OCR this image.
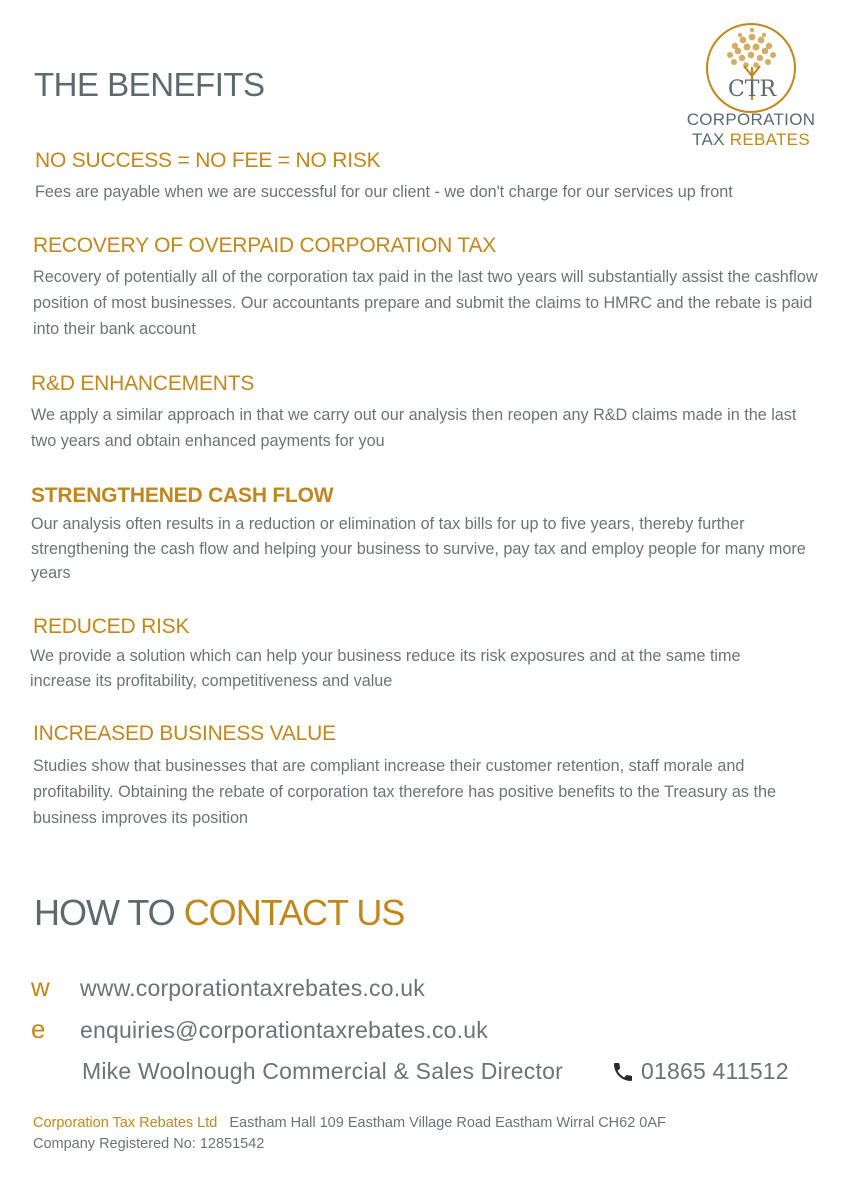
THE BENEFITS	CTR
CORPORATION
TAX REBATES
NO SUCCESS = NO FEE = NO RISK
Fees are payable when we are successful for our client - we don't charge for our services up front
RECOVERY OF OVERPAID CORPORATION TAX
Recovery of potentially all of the corporation tax paid in the last two years will substantially assist the cashflow position of most businesses. Our accountants prepare and submit the claims to HMRC and the rebate is paid into their bank account
R&D ENHANCEMENTS
We apply a similar approach in that we carry out our analysis then reopen any R&D claims made in the last two years and obtain enhanced payments for you
STRENGTHENED CASH FLOW
Our analysis often results in a reduction or elimination of tax bills for up to five years, thereby further strengthening the cash flow and helping your business to survive, pay tax and employ people for many more years
REDUCED RISK
We provide a solution which can help your business reduce its risk exposures and at the same time increase its profitability, competitiveness and value
INCREASED BUSINESS VALUE
Studies show that businesses that are compliant increase their customer retention, staff morale and profitability. Obtaining the rebate of corporation tax therefore has positive benefits to the Treasury as the business improves its position
HOW TO CONTACT US
w www.corporationtaxrebates.co.uk
e enquiries@corporationtaxrebates.co.uk
Mike Woolnough Commercial & Sales Director	01865 411512
Corporation Tax Rebates Ltd Eastham Hall 109 Eastham Village Road Eastham Wirral CH62 0AF
Company Registered No: 12851542
